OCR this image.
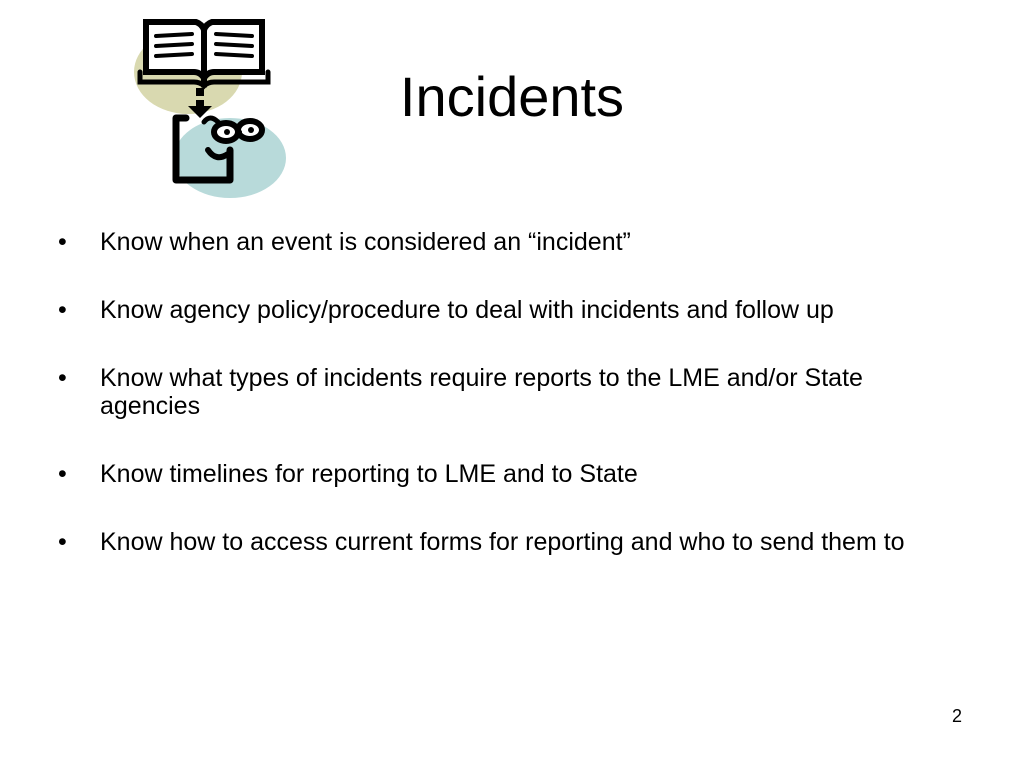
Incidents
•	Know when an event is considered an “incident”
•	Know agency policy/procedure to deal with incidents and follow up
•	Know what types of incidents require reports to the LME and/or State agencies
•	Know timelines for reporting to LME and to State
•	Know how to access current forms for reporting and who to send them to
2
